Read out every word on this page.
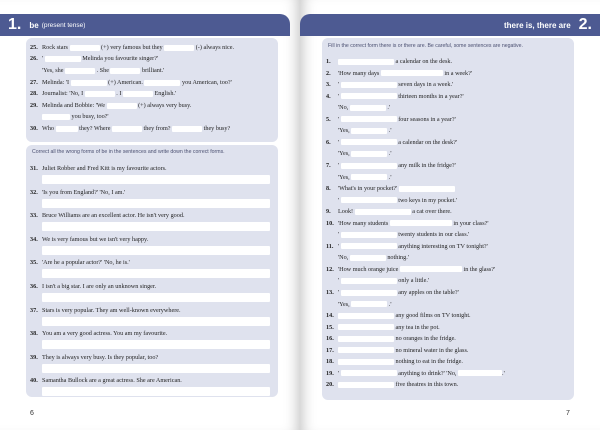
1.	be (present tense)	there is, there are 2.
25. Rock stars	(+) very famous but they	(-) always nice.
26. '	Melinda you favourite singer?'
'Yes, she	. She	brilliant.'
27. Melinda: 'I	(+) American.	you American, too?'
28. Journalist: 'No, I	. I	English.'
29. Melinda and Bobbie: 'We	(+) always very busy.
you busy, too?'
30. Who	they? Where	they from?	they busy?
Correct all the wrong forms of be in the sentences and write down the correct forms.
31. Juliet Robber and Fred Kitt is my favourite actors.
32. 'Is you from England?' 'No, I am.'
33. Bruce Williams are an excellent actor. He isn't very good.
34. We is very famous but we isn't very happy.
35. 'Are he a popular actor?' 'No, he is.'
36. I isn't a big star. I are only an unknown singer.
37. Stars is very popular. They am well-known everywhere.
38. You am a very good actress. You am my favourite.
39. They is always very busy. Is they popular, too?
40. Samantha Bullock are a great actress. She are American.
Fill in the correct form there is or there are. Be careful, some sentences are negative.
1.	a calendar on the desk.
2. 'How many days	in a week?'
3. '	seven days in a week.'
4. '	thirteen months in a year?'
'No,	.'
5. '	four seasons in a year?'
'Yes,	.'
6. '	a calendar on the desk?'
'Yes,	.'
7. '	any milk in the fridge?'
'Yes,	.'
8. 'What's in your pocket?'
'	two keys in my pocket.'
9. Look!	a cat over there.
10. 'How many students	in your class?'
'	twenty students in our class.'
11. '	anything interesting on TV tonight?'
'No,	nothing.'
12. 'How much orange juice	in the glass?'
'	only a little.'
13. '	any apples on the table?'
'Yes,	.'
14.	any good films on TV tonight.
15.	any tea in the pot.
16.	no oranges in the fridge.
17.	no mineral water in the glass.
18.	nothing to eat in the fridge.
19. '	anything to drink?' 'No,	.'
20.	five theatres in this town.
6	7
